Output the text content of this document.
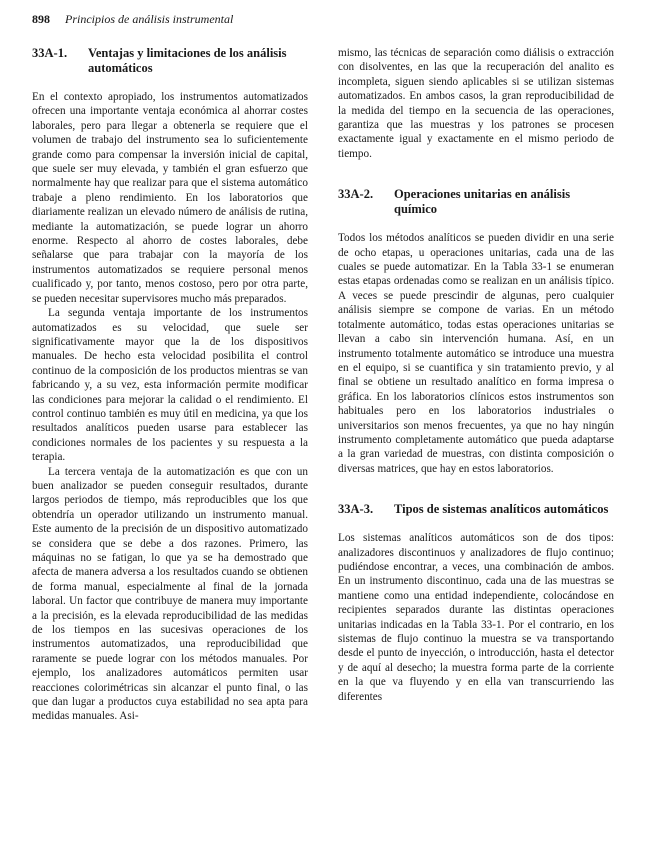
898 Principios de análisis instrumental
33A-1.	Ventajas y limitaciones de los análisis automáticos

En el contexto apropiado, los instrumentos automatizados ofrecen una importante ventaja económica al ahorrar costes laborales, pero para llegar a obtenerla se requiere que el volumen de trabajo del instrumento sea lo suficientemente grande como para compensar la inversión inicial de capital, que suele ser muy elevada, y también el gran esfuerzo que normalmente hay que realizar para que el sistema automático trabaje a pleno rendimiento. En los laboratorios que diariamente realizan un elevado número de análisis de rutina, mediante la automatización, se puede lograr un ahorro enorme. Respecto al ahorro de costes laborales, debe señalarse que para trabajar con la mayoría de los instrumentos automatizados se requiere personal menos cualificado y, por tanto, menos costoso, pero por otra parte, se pueden necesitar supervisores mucho más preparados.

La segunda ventaja importante de los instrumentos automatizados es su velocidad, que suele ser significativamente mayor que la de los dispositivos manuales. De hecho esta velocidad posibilita el control continuo de la composición de los productos mientras se van fabricando y, a su vez, esta información permite modificar las condiciones para mejorar la calidad o el rendimiento. El control continuo también es muy útil en medicina, ya que los resultados analíticos pueden usarse para establecer las condiciones normales de los pacientes y su respuesta a la terapia.

La tercera ventaja de la automatización es que con un buen analizador se pueden conseguir resultados, durante largos periodos de tiempo, más reproducibles que los que obtendría un operador utilizando un instrumento manual. Este aumento de la precisión de un dispositivo automatizado se considera que se debe a dos razones. Primero, las máquinas no se fatigan, lo que ya se ha demostrado que afecta de manera adversa a los resultados cuando se obtienen de forma manual, especialmente al final de la jornada laboral. Un factor que contribuye de manera muy importante a la precisión, es la elevada reproducibilidad de las medidas de los tiempos en las sucesivas operaciones de los instrumentos automatizados, una reproducibilidad que raramente se puede lograr con los métodos manuales. Por ejemplo, los analizadores automáticos permiten usar reacciones colorimétricas sin alcanzar el punto final, o las que dan lugar a productos cuya estabilidad no sea apta para medidas manuales. Asi-

mismo, las técnicas de separación como diálisis o extracción con disolventes, en las que la recuperación del analito es incompleta, siguen siendo aplicables si se utilizan sistemas automatizados. En ambos casos, la gran reproducibilidad de la medida del tiempo en la secuencia de las operaciones, garantiza que las muestras y los patrones se procesen exactamente igual y exactamente en el mismo periodo de tiempo.

33A-2.	Operaciones unitarias en análisis químico

Todos los métodos analíticos se pueden dividir en una serie de ocho etapas, u operaciones unitarias, cada una de las cuales se puede automatizar. En la Tabla 33-1 se enumeran estas etapas ordenadas como se realizan en un análisis típico. A veces se puede prescindir de algunas, pero cualquier análisis siempre se compone de varias. En un método totalmente automático, todas estas operaciones unitarias se llevan a cabo sin intervención humana. Así, en un instrumento totalmente automático se introduce una muestra en el equipo, si se cuantifica y sin tratamiento previo, y al final se obtiene un resultado analítico en forma impresa o gráfica. En los laboratorios clínicos estos instrumentos son habituales pero en los laboratorios industriales o universitarios son menos frecuentes, ya que no hay ningún instrumento completamente automático que pueda adaptarse a la gran variedad de muestras, con distinta composición o diversas matrices, que hay en estos laboratorios.

33A-3.	Tipos de sistemas analíticos automáticos

Los sistemas analíticos automáticos son de dos tipos: analizadores discontinuos y analizadores de flujo continuo; pudiéndose encontrar, a veces, una combinación de ambos. En un instrumento discontinuo, cada una de las muestras se mantiene como una entidad independiente, colocándose en recipientes separados durante las distintas operaciones unitarias indicadas en la Tabla 33-1. Por el contrario, en los sistemas de flujo continuo la muestra se va transportando desde el punto de inyección, o introducción, hasta el detector y de aquí al desecho; la muestra forma parte de la corriente en la que va fluyendo y en ella van transcurriendo las diferentes
